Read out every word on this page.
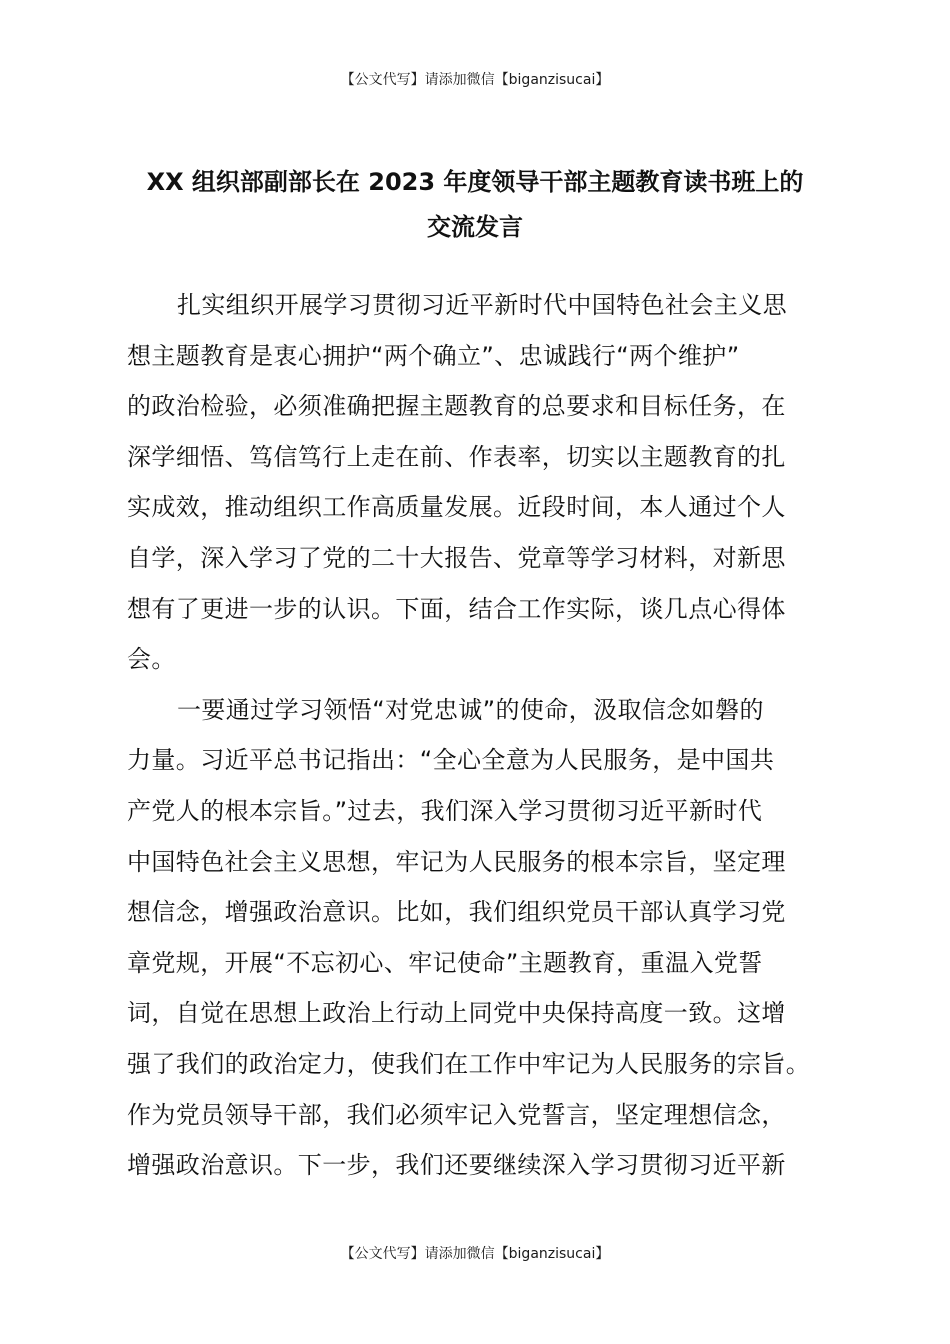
【公文代写】请添加微信【biganzisucai】
XX 组织部副部长在 2023 年度领导干部主题教育读书班上的
交流发言
扎实组织开展学习贯彻习近平新时代中国特色社会主义思
想主题教育是衷心拥护“两个确立”、忠诚践行“两个维护”
的政治检验，必须准确把握主题教育的总要求和目标任务，在
深学细悟、笃信笃行上走在前、作表率，切实以主题教育的扎
实成效，推动组织工作高质量发展。近段时间，本人通过个人
自学，深入学习了党的二十大报告、党章等学习材料，对新思
想有了更进一步的认识。下面，结合工作实际，谈几点心得体
会。
一要通过学习领悟“对党忠诚”的使命，汲取信念如磐的
力量。习近平总书记指出：“全心全意为人民服务，是中国共
产党人的根本宗旨。”过去，我们深入学习贯彻习近平新时代
中国特色社会主义思想，牢记为人民服务的根本宗旨，坚定理
想信念，增强政治意识。比如，我们组织党员干部认真学习党
章党规，开展“不忘初心、牢记使命”主题教育，重温入党誓
词，自觉在思想上政治上行动上同党中央保持高度一致。这增
强了我们的政治定力，使我们在工作中牢记为人民服务的宗旨。
作为党员领导干部，我们必须牢记入党誓言，坚定理想信念，
增强政治意识。下一步，我们还要继续深入学习贯彻习近平新
【公文代写】请添加微信【biganzisucai】
